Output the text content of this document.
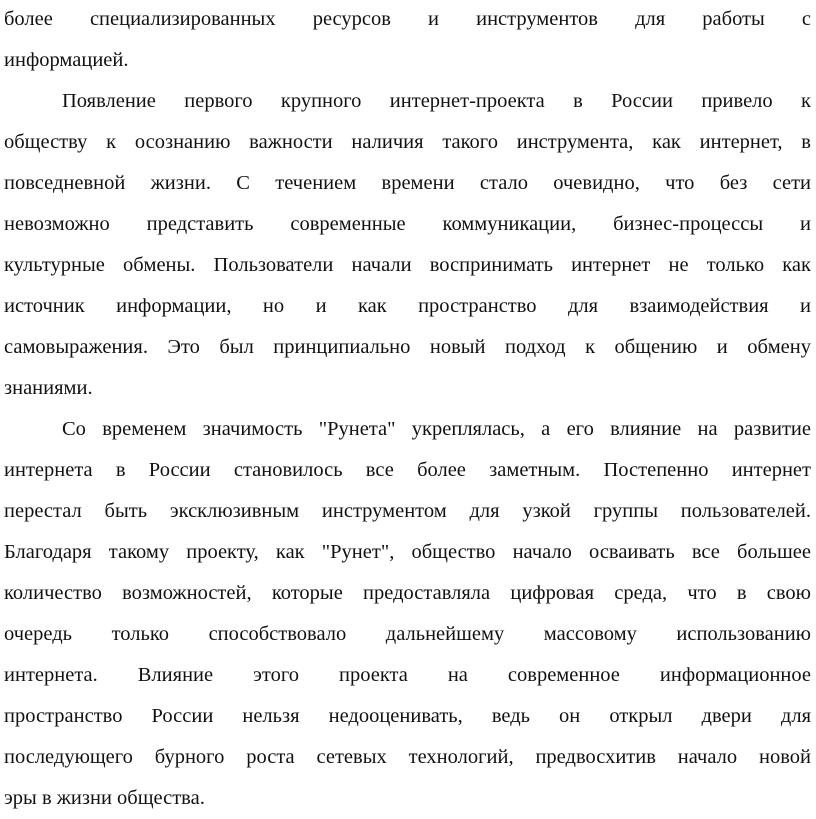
более специализированных ресурсов и инструментов для работы с
информацией.
Появление первого крупного интернет-проекта в России привело к
обществу к осознанию важности наличия такого инструмента, как интернет, в
повседневной жизни. С течением времени стало очевидно, что без сети
невозможно представить современные коммуникации, бизнес-процессы и
культурные обмены. Пользователи начали воспринимать интернет не только как
источник информации, но и как пространство для взаимодействия и
самовыражения. Это был принципиально новый подход к общению и обмену
знаниями.
Со временем значимость "Рунета" укреплялась, а его влияние на развитие
интернета в России становилось все более заметным. Постепенно интернет
перестал быть эксклюзивным инструментом для узкой группы пользователей.
Благодаря такому проекту, как "Рунет", общество начало осваивать все большее
количество возможностей, которые предоставляла цифровая среда, что в свою
очередь только способствовало дальнейшему массовому использованию
интернета. Влияние этого проекта на современное информационное
пространство России нельзя недооценивать, ведь он открыл двери для
последующего бурного роста сетевых технологий, предвосхитив начало новой
эры в жизни общества.
